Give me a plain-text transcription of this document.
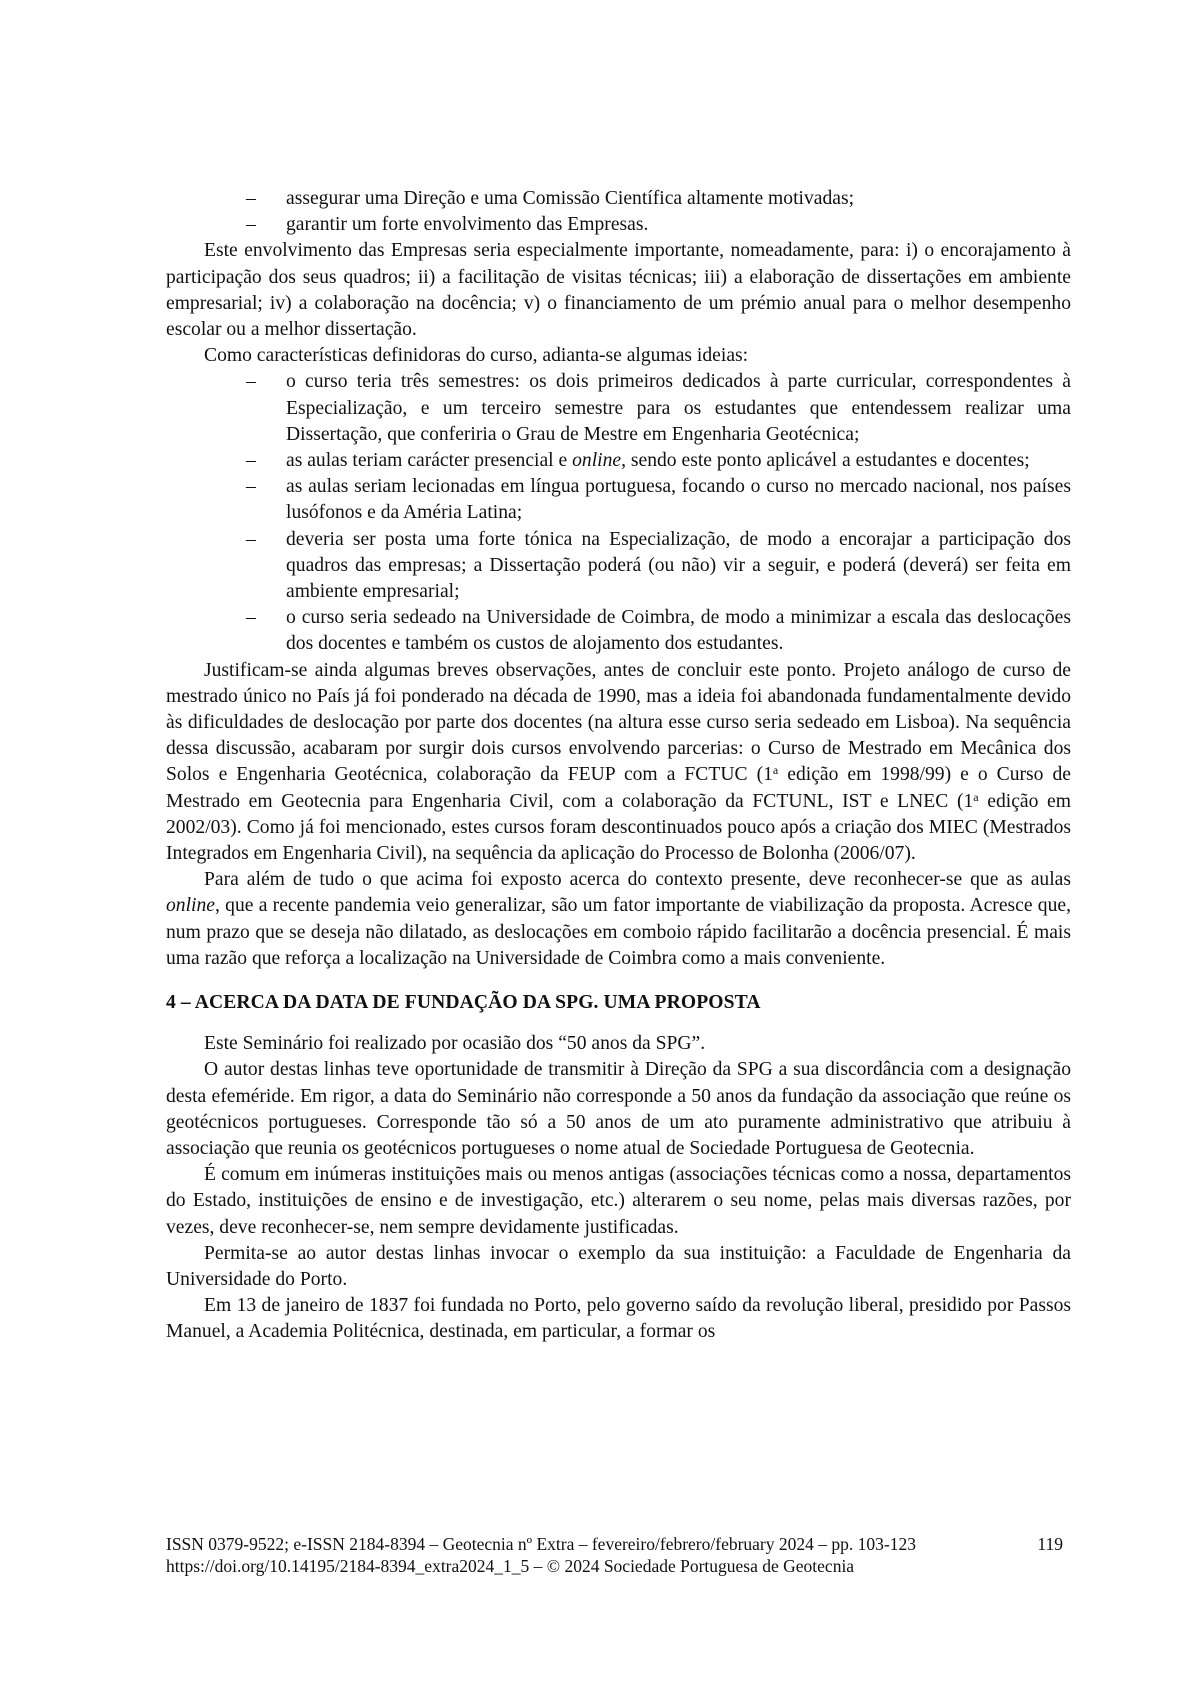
– assegurar uma Direção e uma Comissão Científica altamente motivadas;
– garantir um forte envolvimento das Empresas.

Este envolvimento das Empresas seria especialmente importante, nomeadamente, para: i) o encorajamento à participação dos seus quadros; ii) a facilitação de visitas técnicas; iii) a elaboração de dissertações em ambiente empresarial; iv) a colaboração na docência; v) o financiamento de um prémio anual para o melhor desempenho escolar ou a melhor dissertação.

Como características definidoras do curso, adianta-se algumas ideias:

– o curso teria três semestres: os dois primeiros dedicados à parte curricular, correspondentes à Especialização, e um terceiro semestre para os estudantes que entendessem realizar uma Dissertação, que conferiria o Grau de Mestre em Engenharia Geotécnica;
– as aulas teriam carácter presencial e online, sendo este ponto aplicável a estudantes e docentes;
– as aulas seriam lecionadas em língua portuguesa, focando o curso no mercado nacional, nos países lusófonos e da Améria Latina;
– deveria ser posta uma forte tónica na Especialização, de modo a encorajar a participação dos quadros das empresas; a Dissertação poderá (ou não) vir a seguir, e poderá (deverá) ser feita em ambiente empresarial;
– o curso seria sedeado na Universidade de Coimbra, de modo a minimizar a escala das deslocações dos docentes e também os custos de alojamento dos estudantes.

Justificam-se ainda algumas breves observações, antes de concluir este ponto. Projeto análogo de curso de mestrado único no País já foi ponderado na década de 1990, mas a ideia foi abandonada fundamentalmente devido às dificuldades de deslocação por parte dos docentes (na altura esse curso seria sedeado em Lisboa). Na sequência dessa discussão, acabaram por surgir dois cursos envolvendo parcerias: o Curso de Mestrado em Mecânica dos Solos e Engenharia Geotécnica, colaboração da FEUP com a FCTUC (1$^a$ edição em 1998/99) e o Curso de Mestrado em Geotecnia para Engenharia Civil, com a colaboração da FCTUNL, IST e LNEC (1$^a$ edição em 2002/03). Como já foi mencionado, estes cursos foram descontinuados pouco após a criação dos MIEC (Mestrados Integrados em Engenharia Civil), na sequência da aplicação do Processo de Bolonha (2006/07).

Para além de tudo o que acima foi exposto acerca do contexto presente, deve reconhecer-se que as aulas online, que a recente pandemia veio generalizar, são um fator importante de viabilização da proposta. Acresce que, num prazo que se deseja não dilatado, as deslocações em comboio rápido facilitarão a docência presencial. É mais uma razão que reforça a localização na Universidade de Coimbra como a mais conveniente.

4 – ACERCA DA DATA DE FUNDAÇÃO DA SPG. UMA PROPOSTA

Este Seminário foi realizado por ocasião dos “50 anos da SPG”.

O autor destas linhas teve oportunidade de transmitir à Direção da SPG a sua discordância com a designação desta efeméride. Em rigor, a data do Seminário não corresponde a 50 anos da fundação da associação que reúne os geotécnicos portugueses. Corresponde tão só a 50 anos de um ato puramente administrativo que atribuiu à associação que reunia os geotécnicos portugueses o nome atual de Sociedade Portuguesa de Geotecnia.

É comum em inúmeras instituições mais ou menos antigas (associações técnicas como a nossa, departamentos do Estado, instituições de ensino e de investigação, etc.) alterarem o seu nome, pelas mais diversas razões, por vezes, deve reconhecer-se, nem sempre devidamente justificadas.

Permita-se ao autor destas linhas invocar o exemplo da sua instituição: a Faculdade de Engenharia da Universidade do Porto.

Em 13 de janeiro de 1837 foi fundada no Porto, pelo governo saído da revolução liberal, presidido por Passos Manuel, a Academia Politécnica, destinada, em particular, a formar os

ISSN 0379-9522; e-ISSN 2184-8394 – Geotecnia nº Extra – fevereiro/febrero/february 2024 – pp. 103-123	119
https://doi.org/10.14195/2184-8394_extra2024_1_5 – © 2024 Sociedade Portuguesa de Geotecnia
